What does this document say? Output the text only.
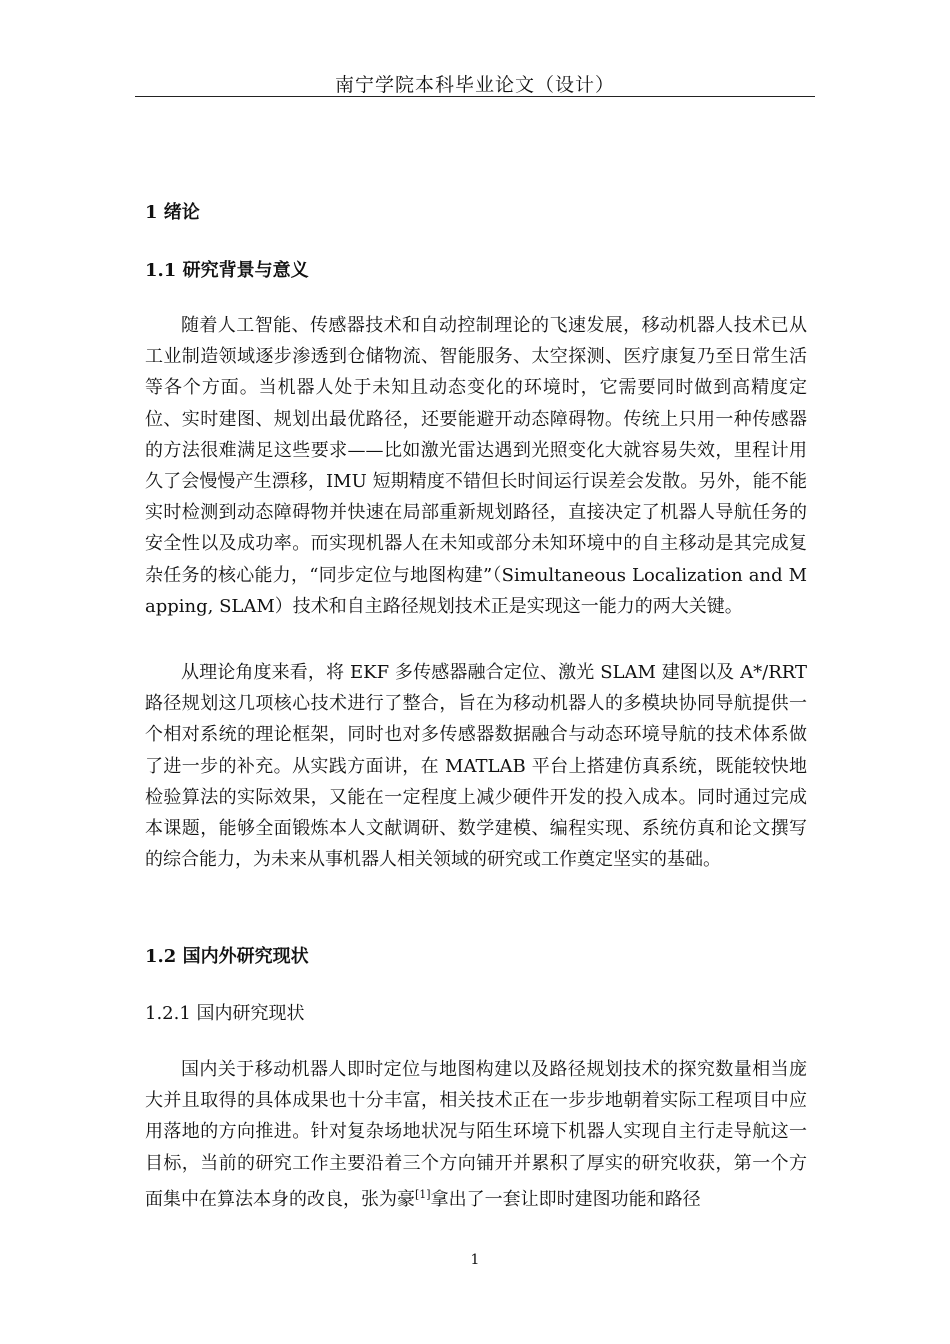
南宁学院本科毕业论文（设计）
1 绪论
1.1 研究背景与意义
随着人工智能、传感器技术和自动控制理论的飞速发展，移动机器人技术已从工业制造领域逐步渗透到仓储物流、智能服务、太空探测、医疗康复乃至日常生活等各个方面。当机器人处于未知且动态变化的环境时，它需要同时做到高精度定位、实时建图、规划出最优路径，还要能避开动态障碍物。传统上只用一种传感器的方法很难满足这些要求——比如激光雷达遇到光照变化大就容易失效，里程计用久了会慢慢产生漂移，IMU 短期精度不错但长时间运行误差会发散。另外，能不能实时检测到动态障碍物并快速在局部重新规划路径，直接决定了机器人导航任务的安全性以及成功率。而实现机器人在未知或部分未知环境中的自主移动是其完成复杂任务的核心能力，“同步定位与地图构建”（Simultaneous Localization and Mapping, SLAM）技术和自主路径规划技术正是实现这一能力的两大关键。
从理论角度来看，将 EKF 多传感器融合定位、激光 SLAM 建图以及 A*/RRT 路径规划这几项核心技术进行了整合，旨在为移动机器人的多模块协同导航提供一个相对系统的理论框架，同时也对多传感器数据融合与动态环境导航的技术体系做了进一步的补充。从实践方面讲，在 MATLAB 平台上搭建仿真系统，既能较快地检验算法的实际效果，又能在一定程度上减少硬件开发的投入成本。同时通过完成本课题，能够全面锻炼本人文献调研、数学建模、编程实现、系统仿真和论文撰写的综合能力，为未来从事机器人相关领域的研究或工作奠定坚实的基础。
1.2 国内外研究现状
1.2.1 国内研究现状
国内关于移动机器人即时定位与地图构建以及路径规划技术的探究数量相当庞大并且取得的具体成果也十分丰富，相关技术正在一步步地朝着实际工程项目中应用落地的方向推进。针对复杂场地状况与陌生环境下机器人实现自主行走导航这一目标，当前的研究工作主要沿着三个方向铺开并累积了厚实的研究收获，第一个方面集中在算法本身的改良，张为豪[1]拿出了一套让即时建图功能和路径
1
